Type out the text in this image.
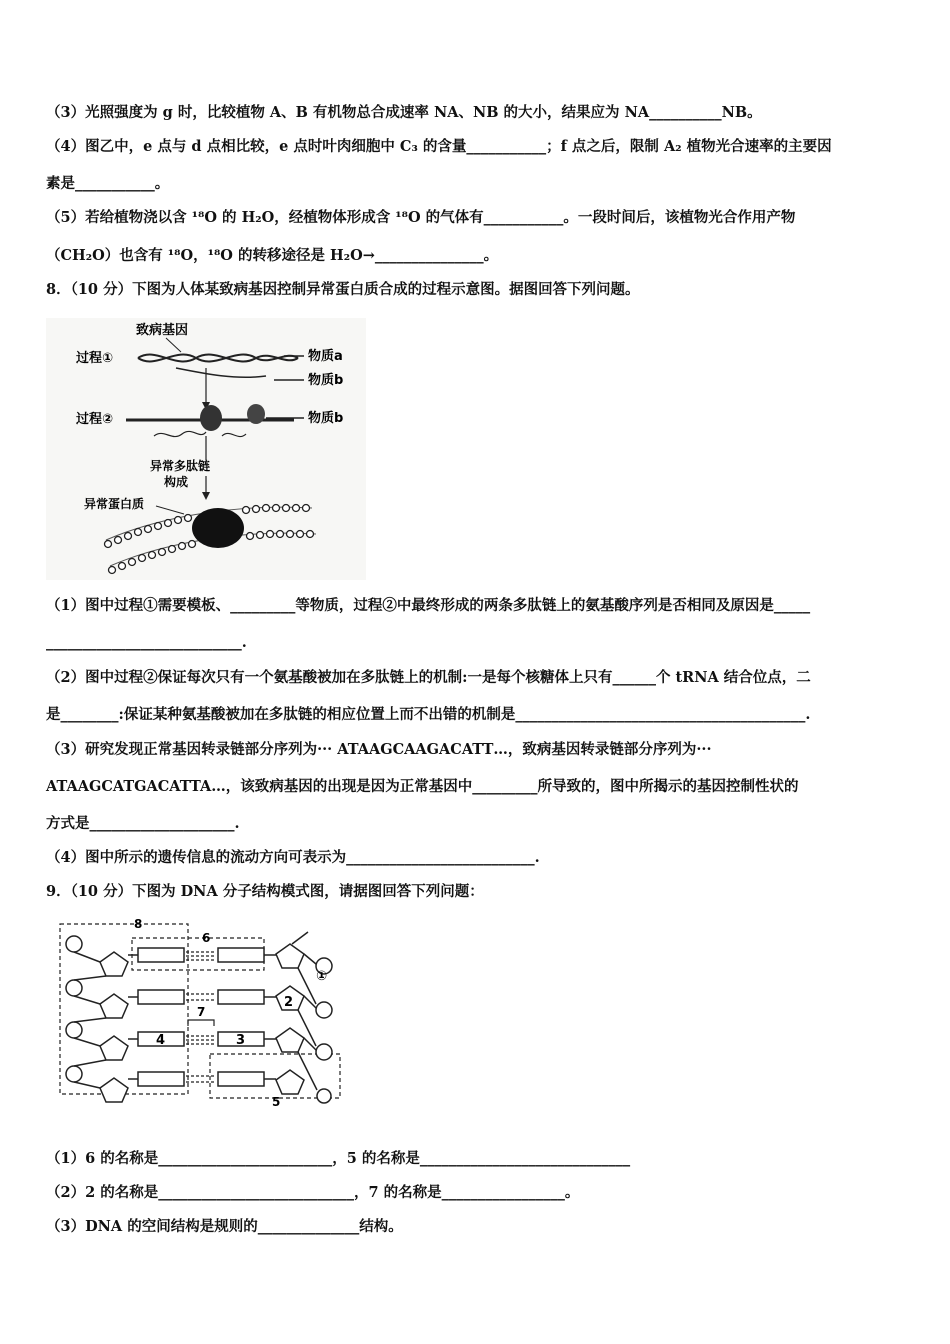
（3）光照强度为 g 时，比较植物 A、B 有机物总合成速率 NA、NB 的大小，结果应为 NA__________NB。
（4）图乙中，e 点与 d 点相比较，e 点时叶肉细胞中 C₃ 的含量___________；f 点之后，限制 A₂ 植物光合速率的主要因
素是___________。
（5）若给植物浇以含 ¹⁸O 的 H₂O，经植物体形成含 ¹⁸O 的气体有___________。一段时间后，该植物光合作用产物
（CH₂O）也含有 ¹⁸O，¹⁸O 的转移途径是 H₂O→_______________。
8．（10 分）下图为人体某致病基因控制异常蛋白质合成的过程示意图。据图回答下列问题。
致病基因
过程①	物质a
物质b
过程②	物质b
异常多肽链
构成
异常蛋白质
（1）图中过程①需要模板、_________等物质，过程②中最终形成的两条多肽链上的氨基酸序列是否相同及原因是_____
___________________________.
（2）图中过程②保证每次只有一个氨基酸被加在多肽链上的机制:一是每个核糖体上只有______个 tRNA 结合位点，二
是________:保证某种氨基酸被加在多肽链的相应位置上而不出错的机制是________________________________________.
（3）研究发现正常基因转录链部分序列为··· ATAAGCAAGACATT…，致病基因转录链部分序列为···
ATAAGCATGACATTA…，该致病基因的出现是因为正常基因中_________所导致的，图中所揭示的基因控制性状的
方式是____________________.
（4）图中所示的遗传信息的流动方向可表示为__________________________.
9．（10 分）下图为 DNA 分子结构模式图，请据图回答下列问题：
8
6
5
①
2
7
4	3
（1）6 的名称是________________________，5 的名称是_____________________________
（2）2 的名称是___________________________，7 的名称是_________________。
（3）DNA 的空间结构是规则的______________结构。
